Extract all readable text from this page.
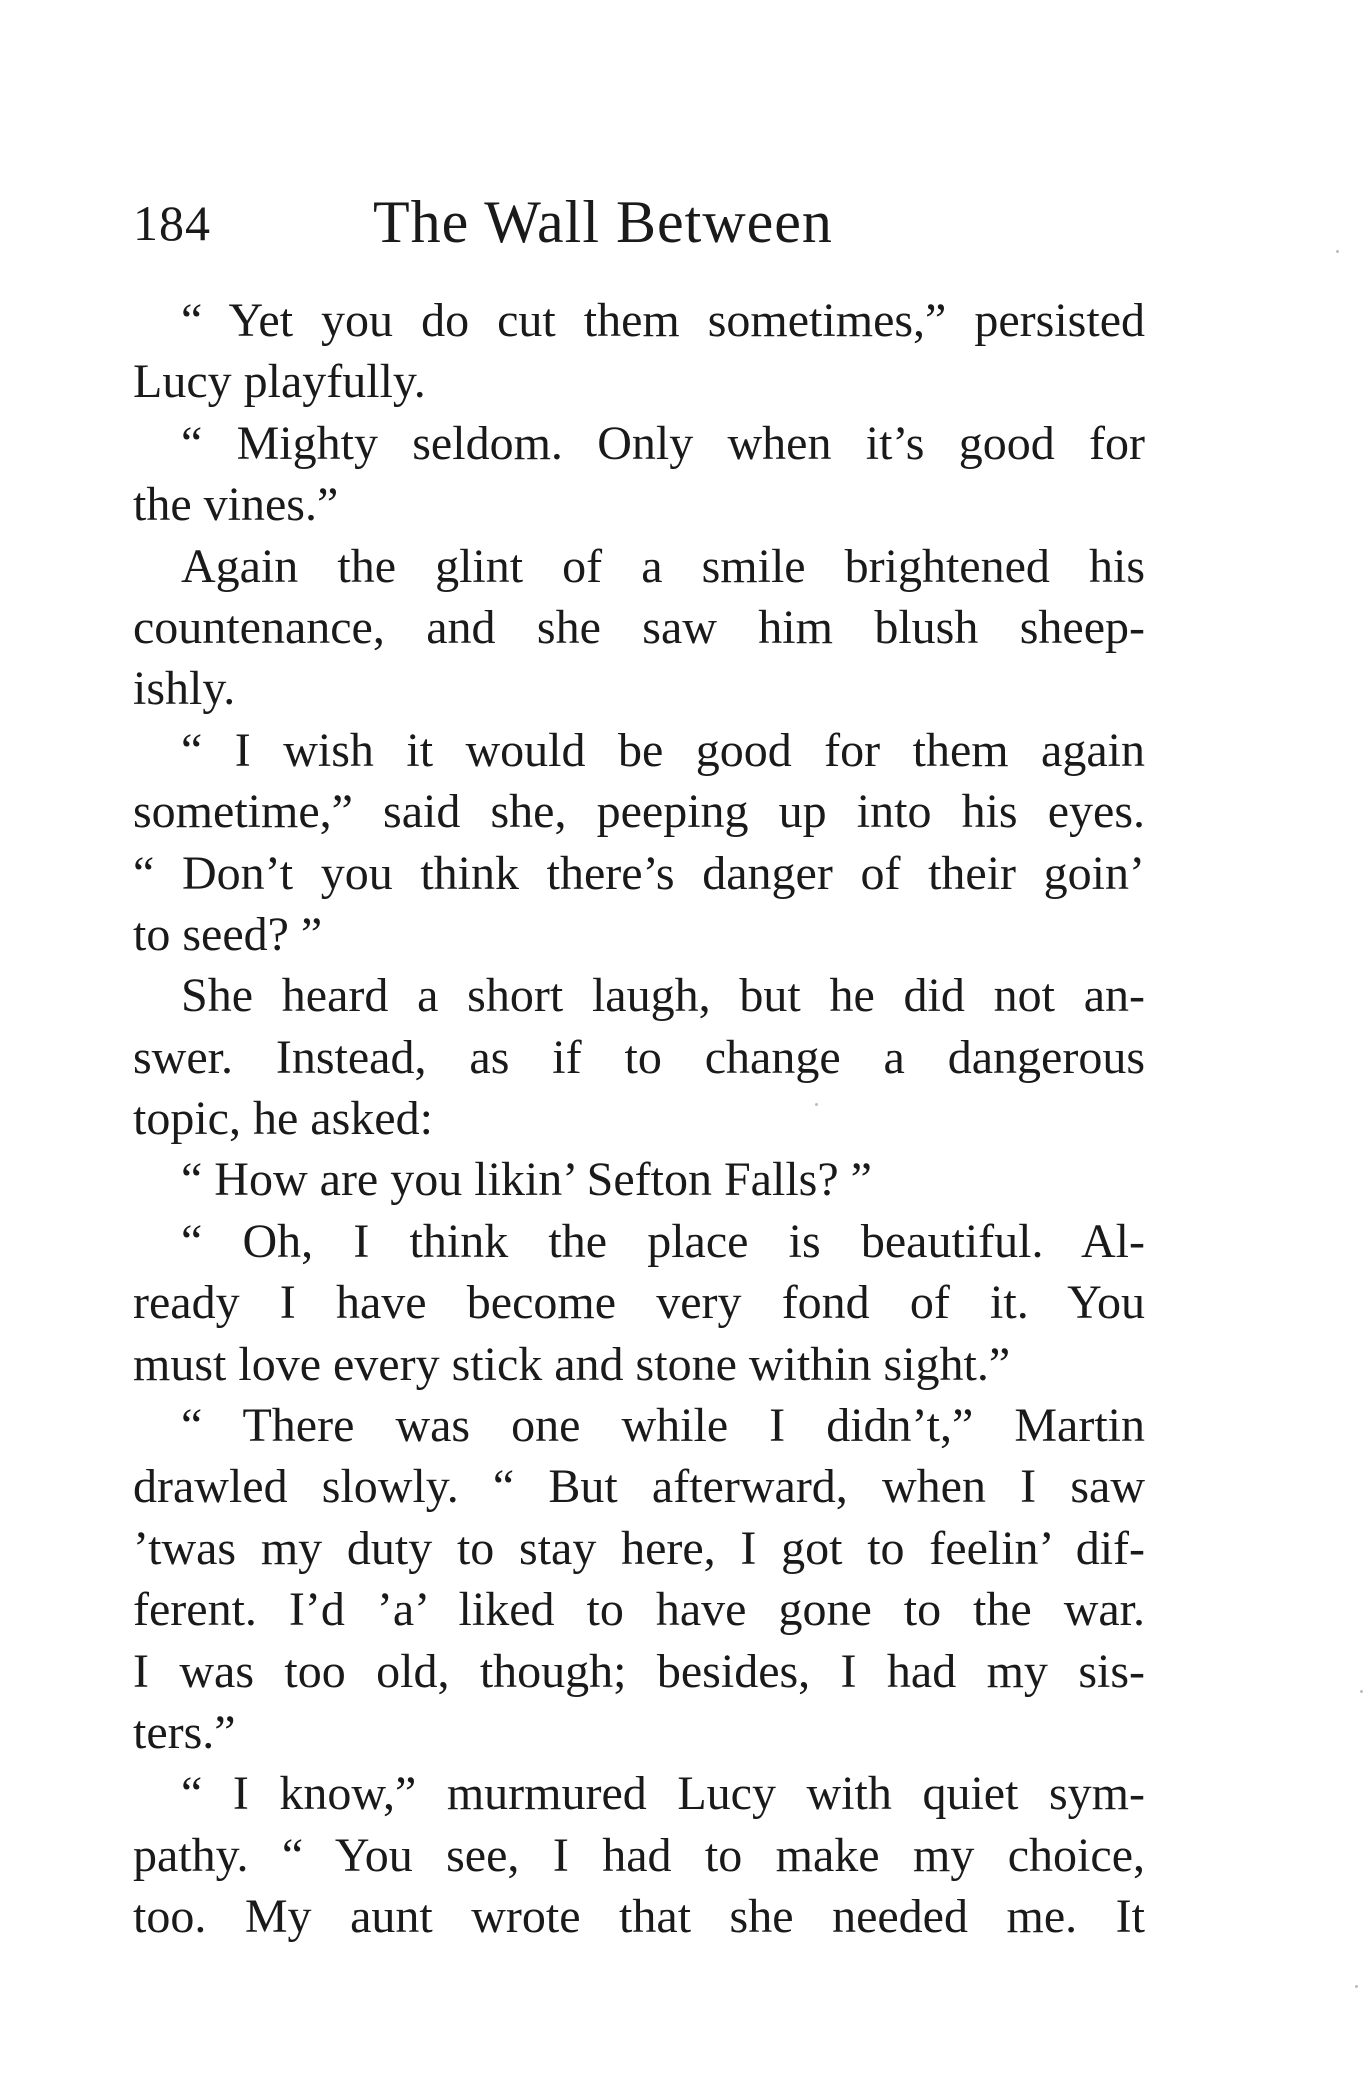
184	The Wall Between
“ Yet you do cut them sometimes,” persisted
Lucy playfully.
“ Mighty seldom. Only when it’s good for
the vines.”
Again the glint of a smile brightened his
countenance, and she saw him blush sheep-
ishly.
“ I wish it would be good for them again
sometime,” said she, peeping up into his eyes.
“ Don’t you think there’s danger of their goin’
to seed? ”
She heard a short laugh, but he did not an-
swer. Instead, as if to change a dangerous
topic, he asked:
“ How are you likin’ Sefton Falls? ”
“ Oh, I think the place is beautiful. Al-
ready I have become very fond of it. You
must love every stick and stone within sight.”
“ There was one while I didn’t,” Martin
drawled slowly. “ But afterward, when I saw
’twas my duty to stay here, I got to feelin’ dif-
ferent. I’d ’a’ liked to have gone to the war.
I was too old, though; besides, I had my sis-
ters.”
“ I know,” murmured Lucy with quiet sym-
pathy. “ You see, I had to make my choice,
too. My aunt wrote that she needed me. It
